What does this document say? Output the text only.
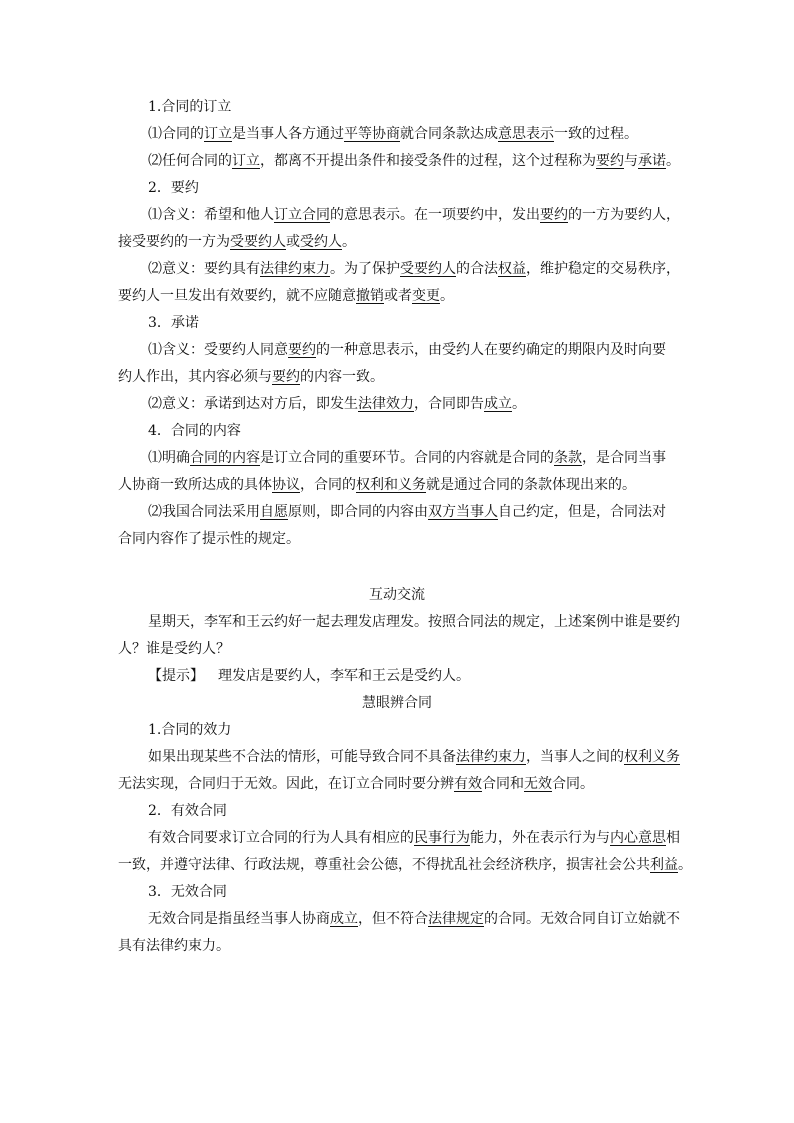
1.合同的订立
⑴合同的订立是当事人各方通过平等协商就合同条款达成意思表示一致的过程。
⑵任何合同的订立，都离不开提出条件和接受条件的过程，这个过程称为要约与承诺。
2．要约
⑴含义：希望和他人订立合同的意思表示。在一项要约中，发出要约的一方为要约人，
接受要约的一方为受要约人或受约人。
⑵意义：要约具有法律约束力。为了保护受要约人的合法权益，维护稳定的交易秩序，
要约人一旦发出有效要约，就不应随意撤销或者变更。
3．承诺
⑴含义：受要约人同意要约的一种意思表示，由受约人在要约确定的期限内及时向要
约人作出，其内容必须与要约的内容一致。
⑵意义：承诺到达对方后，即发生法律效力，合同即告成立。
4．合同的内容
⑴明确合同的内容是订立合同的重要环节。合同的内容就是合同的条款，是合同当事
人协商一致所达成的具体协议，合同的权利和义务就是通过合同的条款体现出来的。
⑵我国合同法采用自愿原则，即合同的内容由双方当事人自己约定，但是，合同法对
合同内容作了提示性的规定。
互动交流
星期天，李军和王云约好一起去理发店理发。按照合同法的规定，上述案例中谁是要约
人？谁是受约人？
【提示】 理发店是要约人，李军和王云是受约人。
慧眼辨合同
1.合同的效力
如果出现某些不合法的情形，可能导致合同不具备法律约束力，当事人之间的权利义务
无法实现，合同归于无效。因此，在订立合同时要分辨有效合同和无效合同。
2．有效合同
有效合同要求订立合同的行为人具有相应的民事行为能力，外在表示行为与内心意思相
一致，并遵守法律、行政法规，尊重社会公德，不得扰乱社会经济秩序，损害社会公共利益。
3．无效合同
无效合同是指虽经当事人协商成立，但不符合法律规定的合同。无效合同自订立始就不
具有法律约束力。
